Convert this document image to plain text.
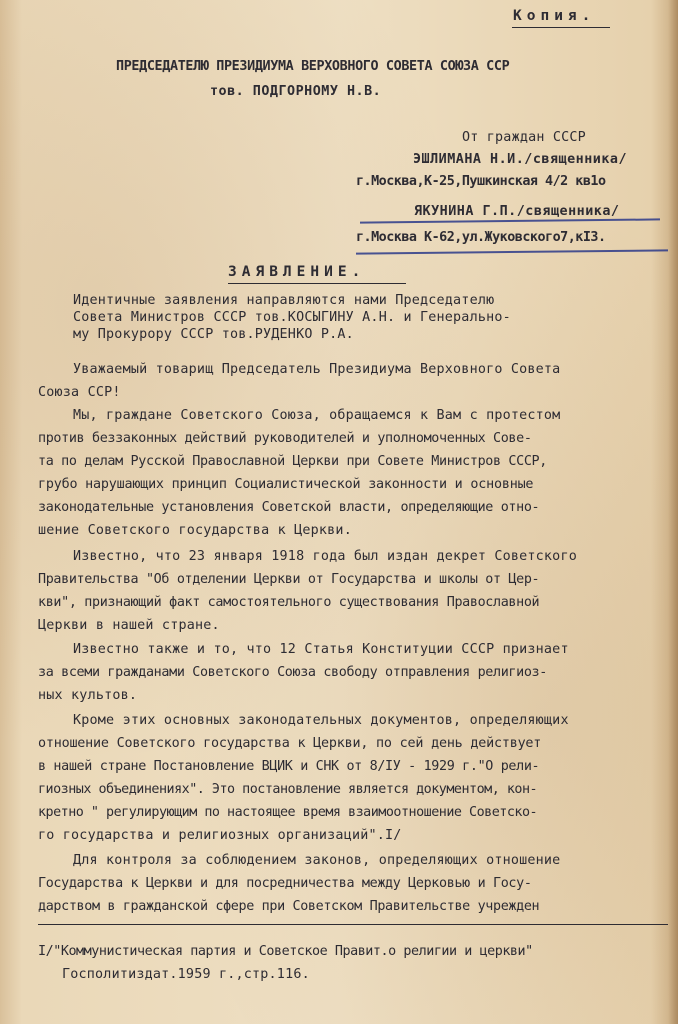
Копия.
ПРЕДСЕДАТЕЛЮ ПРЕЗИДИУМА ВЕРХОВНОГО СОВЕТА СОЮЗА ССР
тов. ПОДГОРНОМУ Н.В.
От граждан СССР
ЭШЛИМАНА Н.И./священника/
г.Москва,К-25,Пушкинская 4/2 кв1о
ЯКУНИНА Г.П./священника/
г.Москва К-62,ул.Жуковского7,кI3.
ЗАЯВЛЕНИЕ.
Идентичные заявления направляются нами Председателю
Совета Министров СССР тов.КОСЫГИНУ А.Н. и Генерально-
му Прокурору СССР тов.РУДЕНКО Р.А.
Уважаемый товарищ Председатель Президиума Верховного Совета
Союза ССР!
Мы, граждане Советского Союза, обращаемся к Вам с протестом
против беззаконных действий руководителей и уполномоченных Сове-
та по делам Русской Православной Церкви при Совете Министров СССР,
грубо нарушающих принцип Социалистической законности и основные
законодательные установления Советской власти, определяющие отно-
шение Советского государства к Церкви.
Известно, что 23 января 1918 года был издан декрет Советского
Правительства "Об отделении Церкви от Государства и школы от Цер-
кви", признающий факт самостоятельного существования Православной
Церкви в нашей стране.
Известно также и то, что 12 Статья Конституции СССР признает
за всеми гражданами Советского Союза свободу отправления религиоз-
ных культов.
Кроме этих основных законодательных документов, определяющих
отношение Советского государства к Церкви, по сей день действует
в нашей стране Постановление ВЦИК и СНК от 8/IУ - 1929 г."О рели-
гиозных объединениях". Это постановление является документом, кон-
кретно " регулирующим по настоящее время взаимоотношение Советско-
го государства и религиозных организаций".I/
Для контроля за соблюдением законов, определяющих отношение
Государства к Церкви и для посредничества между Церковью и Госу-
дарством в гражданской сфере при Советском Правительстве учрежден
I/"Коммунистическая партия и Советское Правит.о религии и церкви"
Госполитиздат.1959 г.,стр.116.
